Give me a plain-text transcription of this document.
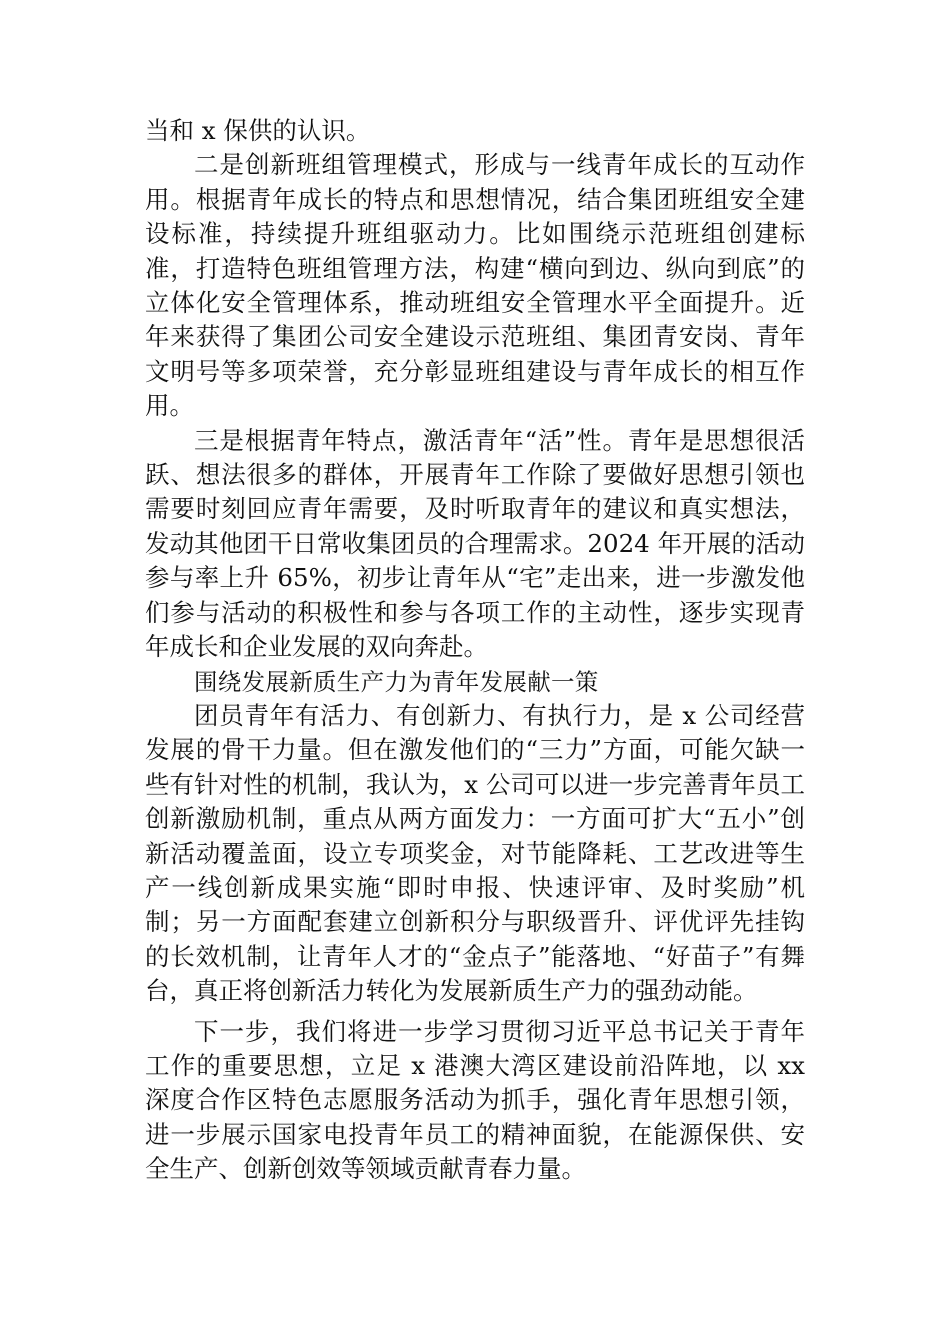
当和 x 保供的认识。

二是创新班组管理模式，形成与一线青年成长的互动作用。根据青年成长的特点和思想情况，结合集团班组安全建设标准，持续提升班组驱动力。比如围绕示范班组创建标准，打造特色班组管理方法，构建“横向到边、纵向到底”的立体化安全管理体系，推动班组安全管理水平全面提升。近年来获得了集团公司安全建设示范班组、集团青安岗、青年文明号等多项荣誉，充分彰显班组建设与青年成长的相互作用。

三是根据青年特点，激活青年“活”性。青年是思想很活跃、想法很多的群体，开展青年工作除了要做好思想引领也需要时刻回应青年需要，及时听取青年的建议和真实想法，发动其他团干日常收集团员的合理需求。2024 年开展的活动参与率上升 65%，初步让青年从“宅”走出来，进一步激发他们参与活动的积极性和参与各项工作的主动性，逐步实现青年成长和企业发展的双向奔赴。

围绕发展新质生产力为青年发展献一策

团员青年有活力、有创新力、有执行力，是 x 公司经营发展的骨干力量。但在激发他们的“三力”方面，可能欠缺一些有针对性的机制，我认为，x 公司可以进一步完善青年员工创新激励机制，重点从两方面发力：一方面可扩大“五小”创新活动覆盖面，设立专项奖金，对节能降耗、工艺改进等生产一线创新成果实施“即时申报、快速评审、及时奖励”机制；另一方面配套建立创新积分与职级晋升、评优评先挂钩的长效机制，让青年人才的“金点子”能落地、“好苗子”有舞台，真正将创新活力转化为发展新质生产力的强劲动能。

下一步，我们将进一步学习贯彻习近平总书记关于青年工作的重要思想，立足 x 港澳大湾区建设前沿阵地，以 xx 深度合作区特色志愿服务活动为抓手，强化青年思想引领，进一步展示国家电投青年员工的精神面貌，在能源保供、安全生产、创新创效等领域贡献青春力量。
